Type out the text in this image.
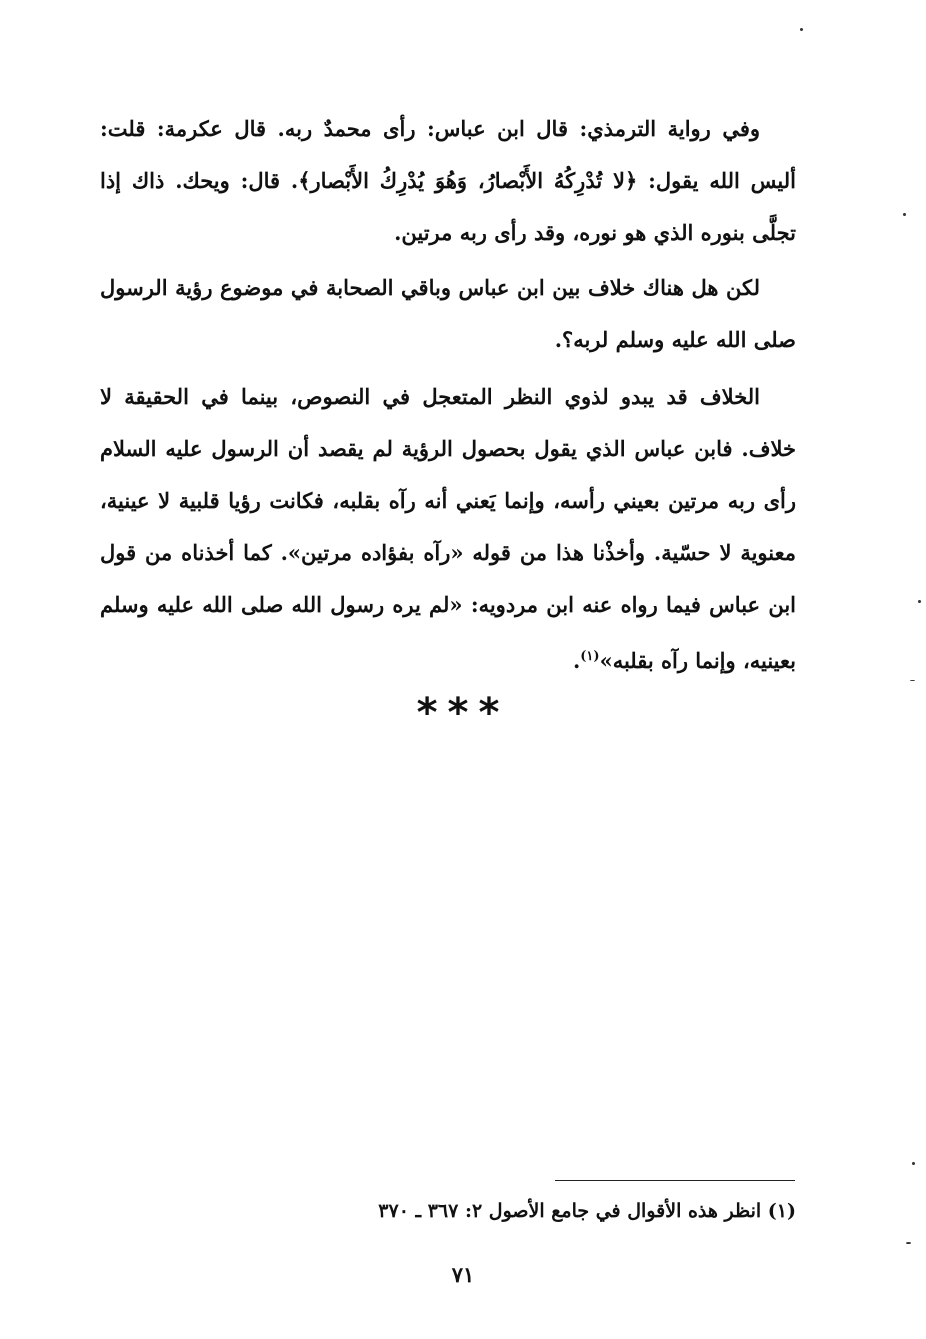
وفي رواية الترمذي: قال ابن عباس: رأى محمدٌ ربه. قال عكرمة: قلت: أليس الله يقول: ﴿لا تُدْرِكُهُ الأَبْصارُ، وَهُوَ يُدْرِكُ الأَبْصار﴾. قال: ويحك. ذاك إذا تجلَّى بنوره الذي هو نوره، وقد رأى ربه مرتين.

لكن هل هناك خلاف بين ابن عباس وباقي الصحابة في موضوع رؤية الرسول صلى الله عليه وسلم لربه؟.

الخلاف قد يبدو لذوي النظر المتعجل في النصوص، بينما في الحقيقة لا خلاف. فابن عباس الذي يقول بحصول الرؤية لم يقصد أن الرسول عليه السلام رأى ربه مرتين بعيني رأسه، وإنما يَعني أنه رآه بقلبه، فكانت رؤيا قلبية لا عينية، معنوية لا حسّية. وأخذْنا هذا من قوله «رآه بفؤاده مرتين». كما أخذناه من قول ابن عباس فيما رواه عنه ابن مردويه: «لم يره رسول الله صلى الله عليه وسلم بعينيه، وإنما رآه بقلبه»$^{(١)}$.

***
(١) انظر هذه الأقوال في جامع الأصول ٢: ٣٦٧ ـ ٣٧٠
٧١
